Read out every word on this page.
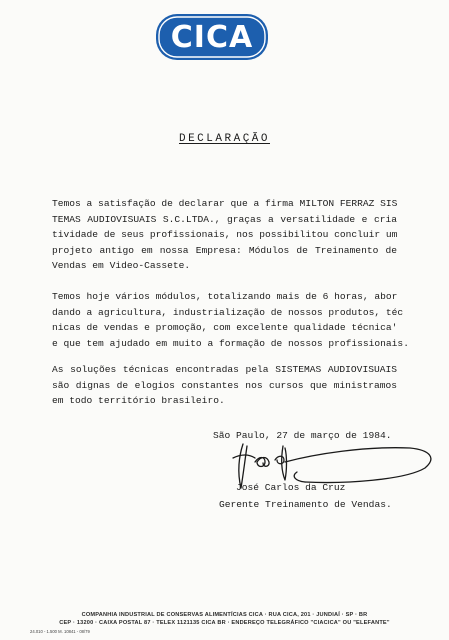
CICA
DECLARAÇÃO
Temos a satisfação de declarar que a firma MILTON FERRAZ SIS
TEMAS AUDIOVISUAIS S.C.LTDA., graças a versatilidade e cria
tividade de seus profissionais, nos possibilitou concluir um
projeto antigo em nossa Empresa: Módulos de Treinamento de
Vendas em Video-Cassete.
Temos hoje vários módulos, totalizando mais de 6 horas, abor
dando a agricultura, industrialização de nossos produtos, téc
nicas de vendas e promoção, com excelente qualidade técnica'
e que tem ajudado em muito a formação de nossos profissionais.
As soluções técnicas encontradas pela SISTEMAS AUDIOVISUAIS
são dignas de elogios constantes nos cursos que ministramos
em todo território brasileiro.
São Paulo, 27 de março de 1984.
José Carlos da Cruz
Gerente Treinamento de Vendas.
COMPANHIA INDUSTRIAL DE CONSERVAS ALIMENTÍCIAS CICA · RUA CICA, 201 · JUNDIAÍ · SP · BR
CEP · 13200 · CAIXA POSTAL 87 · TELEX 1121135 CICA BR · ENDEREÇO TELEGRÁFICO "CIACICA" OU "ELEFANTE"
24.010 - 1.500 M. 10841 - 08/79
